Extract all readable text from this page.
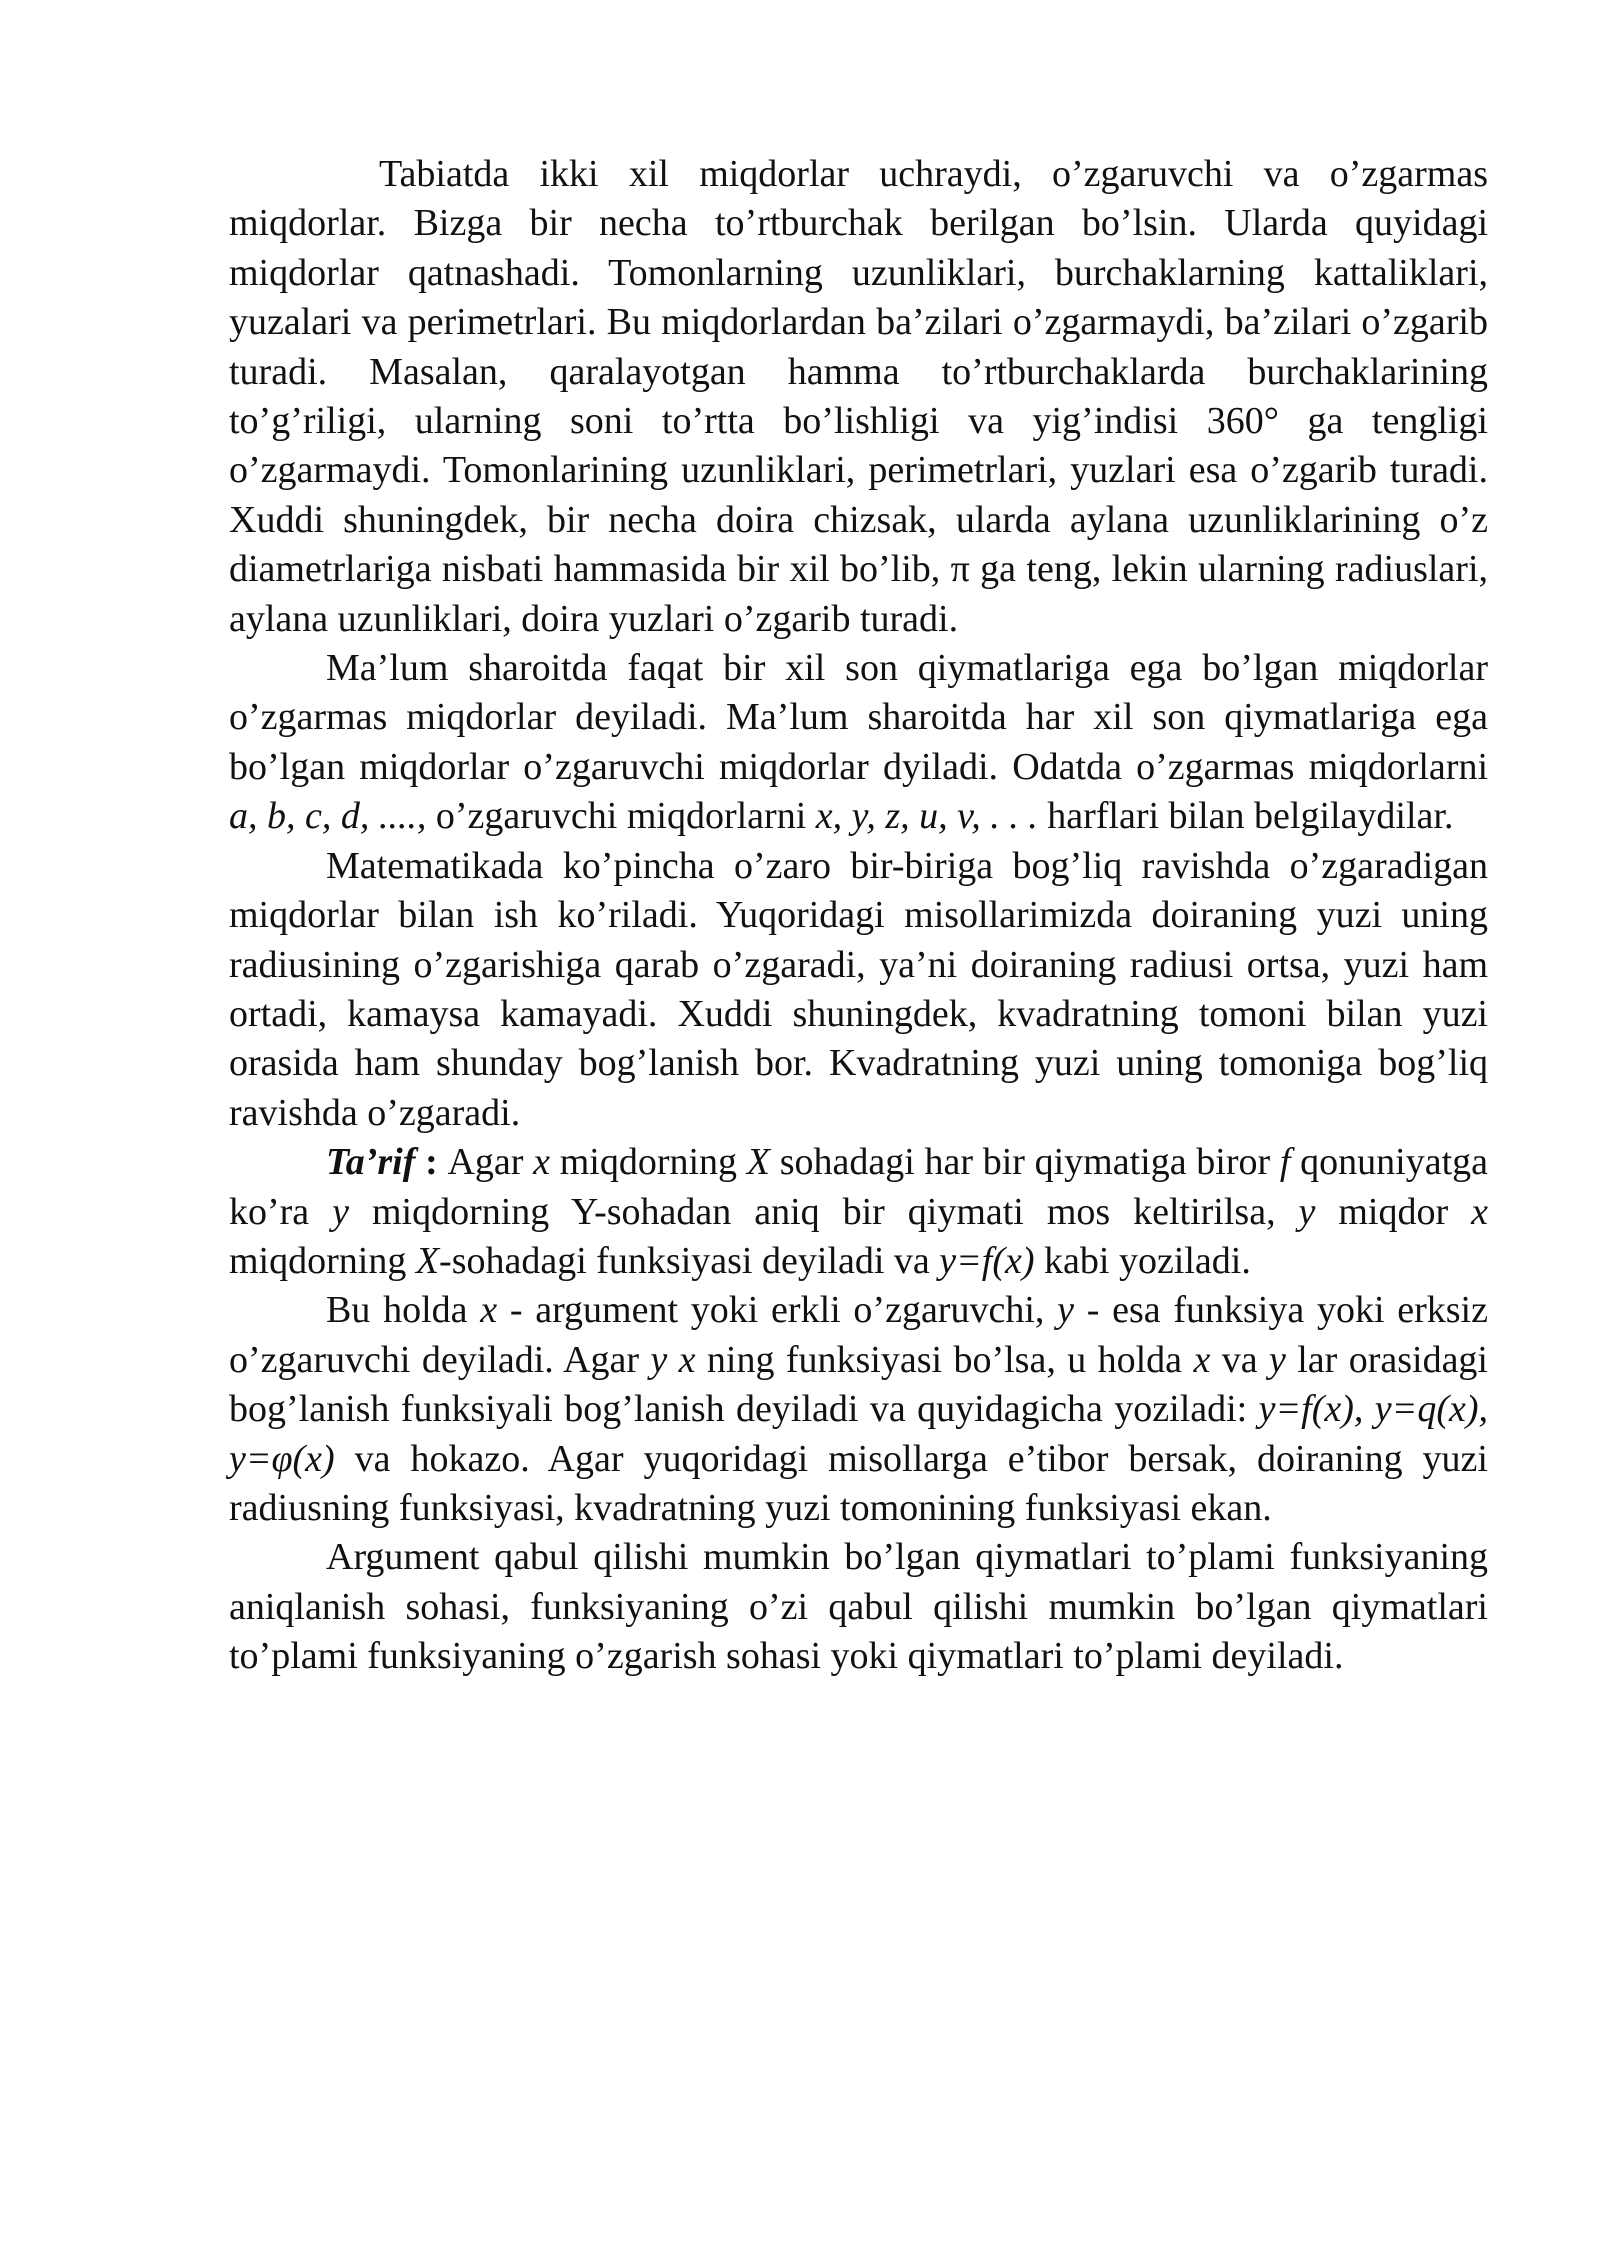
Tabiatda ikki xil miqdorlar uchraydi, o’zgaruvchi va o’zgarmas miqdorlar. Bizga bir necha to’rtburchak berilgan bo’lsin. Ularda quyidagi miqdorlar qatnashadi. Tomonlarning uzunliklari, burchaklarning kattaliklari, yuzalari va perimetrlari. Bu miqdorlardan ba’zilari o’zgarmaydi, ba’zilari o’zgarib turadi. Masalan, qaralayotgan hamma to’rtburchaklarda burchaklarining to’g’riligi, ularning soni to’rtta bo’lishligi va yig’indisi 360° ga tengligi o’zgarmaydi. Tomonlarining uzunliklari, perimetrlari, yuzlari esa o’zgarib turadi. Xuddi shuningdek, bir necha doira chizsak, ularda aylana uzunliklarining o’z diametrlariga nisbati hammasida bir xil bo’lib, π ga teng, lekin ularning radiuslari, aylana uzunliklari, doira yuzlari o’zgarib turadi.

Ma’lum sharoitda faqat bir xil son qiymatlariga ega bo’lgan miqdorlar o’zgarmas miqdorlar deyiladi. Ma’lum sharoitda har xil son qiymatlariga ega bo’lgan miqdorlar o’zgaruvchi miqdorlar dyiladi. Odatda o’zgarmas miqdorlarni a, b, c, d, ...., o’zgaruvchi miqdorlarni x, y, z, u, v, . . . harflari bilan belgilaydilar.

Matematikada ko’pincha o’zaro bir-biriga bog’liq ravishda o’zgaradigan miqdorlar bilan ish ko’riladi. Yuqoridagi misollarimizda doiraning yuzi uning radiusining o’zgarishiga qarab o’zgaradi, ya’ni doiraning radiusi ortsa, yuzi ham ortadi, kamaysa kamayadi. Xuddi shuningdek, kvadratning tomoni bilan yuzi orasida ham shunday bog’lanish bor. Kvadratning yuzi uning tomoniga bog’liq ravishda o’zgaradi.

Ta’rif : Agar x miqdorning X sohadagi har bir qiymatiga biror f qonuniyatga ko’ra y miqdorning Y-sohadan aniq bir qiymati mos keltirilsa, y miqdor x miqdorning X-sohadagi funksiyasi deyiladi va y=f(x) kabi yoziladi.

Bu holda x - argument yoki erkli o’zgaruvchi, y - esa funksiya yoki erksiz o’zgaruvchi deyiladi. Agar y x ning funksiyasi bo’lsa, u holda x va y lar orasidagi bog’lanish funksiyali bog’lanish deyiladi va quyidagicha yoziladi: y=f(x), y=q(x), y=φ(x) va hokazo. Agar yuqoridagi misollarga e’tibor bersak, doiraning yuzi radiusning funksiyasi, kvadratning yuzi tomonining funksiyasi ekan.

Argument qabul qilishi mumkin bo’lgan qiymatlari to’plami funksiyaning aniqlanish sohasi, funksiyaning o’zi qabul qilishi mumkin bo’lgan qiymatlari to’plami funksiyaning o’zgarish sohasi yoki qiymatlari to’plami deyiladi.
